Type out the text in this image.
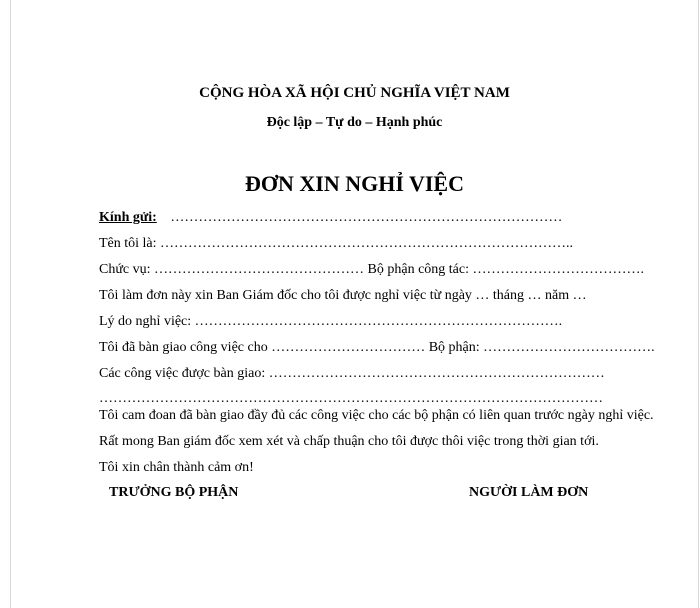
CỘNG HÒA XÃ HỘI CHỦ NGHĨA VIỆT NAM
Độc lập – Tự do – Hạnh phúc
ĐƠN XIN NGHỈ VIỆC
Kính gửi: …………………………………………………………………………
Tên tôi là: ……………………………………………………………………………..
Chức vụ: ……………………………………… Bộ phận công tác: ……………………………….
Tôi làm đơn này xin Ban Giám đốc cho tôi được nghỉ việc từ ngày … tháng … năm …
Lý do nghỉ việc: …………………………………………………………………….
Tôi đã bàn giao công việc cho …………………………… Bộ phận: ……………………………….
Các công việc được bàn giao: ………………………………………………………………
………………………………………………………………………………………………
Tôi cam đoan đã bàn giao đầy đủ các công việc cho các bộ phận có liên quan trước ngày nghỉ việc.
Rất mong Ban giám đốc xem xét và chấp thuận cho tôi được thôi việc trong thời gian tới.
Tôi xin chân thành cảm ơn!
TRƯỞNG BỘ PHẬN	NGƯỜI LÀM ĐƠN
